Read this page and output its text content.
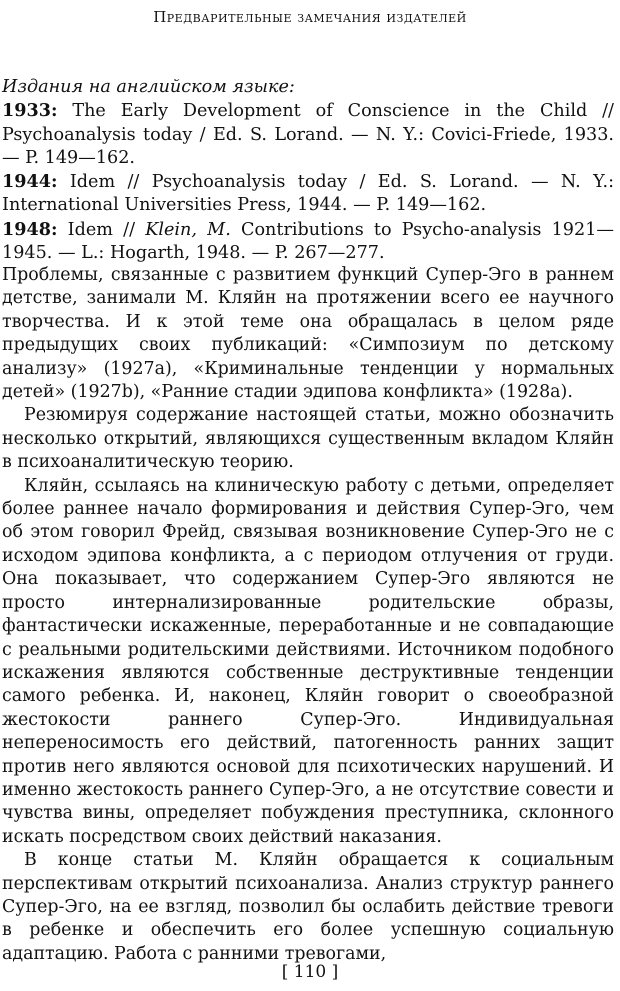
Предварительные замечания издателей
Издания на английском языке:
1933: The Early Development of Conscience in the Child // Psychoanalysis today / Ed. S. Lorand. — N. Y.: Covici-Friede, 1933. — P. 149—162.
1944: Idem // Psychoanalysis today / Ed. S. Lorand. — N. Y.: International Universities Press, 1944. — P. 149—162.
1948: Idem // Klein, M. Contributions to Psycho-analysis 1921—1945. — L.: Hogarth, 1948. — P. 267—277.

Проблемы, связанные с развитием функций Супер-Эго в раннем детстве, занимали М. Кляйн на протяжении всего ее научного творчества. И к этой теме она обращалась в целом ряде предыдущих своих публикаций: «Симпозиум по детскому анализу» (1927а), «Криминальные тенденции у нормальных детей» (1927b), «Ранние стадии эдипова конфликта» (1928а).

Резюмируя содержание настоящей статьи, можно обозначить несколько открытий, являющихся существенным вкладом Кляйн в психоаналитическую теорию.

Кляйн, ссылаясь на клиническую работу с детьми, определяет более раннее начало формирования и действия Супер-Эго, чем об этом говорил Фрейд, связывая возникновение Супер-Эго не с исходом эдипова конфликта, а с периодом отлучения от груди. Она показывает, что содержанием Супер-Эго являются не просто интернализированные родительские образы, фантастически искаженные, переработанные и не совпадающие с реальными родительскими действиями. Источником подобного искажения являются собственные деструктивные тенденции самого ребенка. И, наконец, Кляйн говорит о своеобразной жестокости раннего Супер-Эго. Индивидуальная непереносимость его действий, патогенность ранних защит против него являются основой для психотических нарушений. И именно жестокость раннего Супер-Эго, а не отсутствие совести и чувства вины, определяет побуждения преступника, склонного искать посредством своих действий наказания.

В конце статьи М. Кляйн обращается к социальным перспективам открытий психоанализа. Анализ структур раннего Супер-Эго, на ее взгляд, позволил бы ослабить действие тревоги в ребенке и обеспечить его более успешную социальную адаптацию. Работа с ранними тревогами,

[ 110 ]
